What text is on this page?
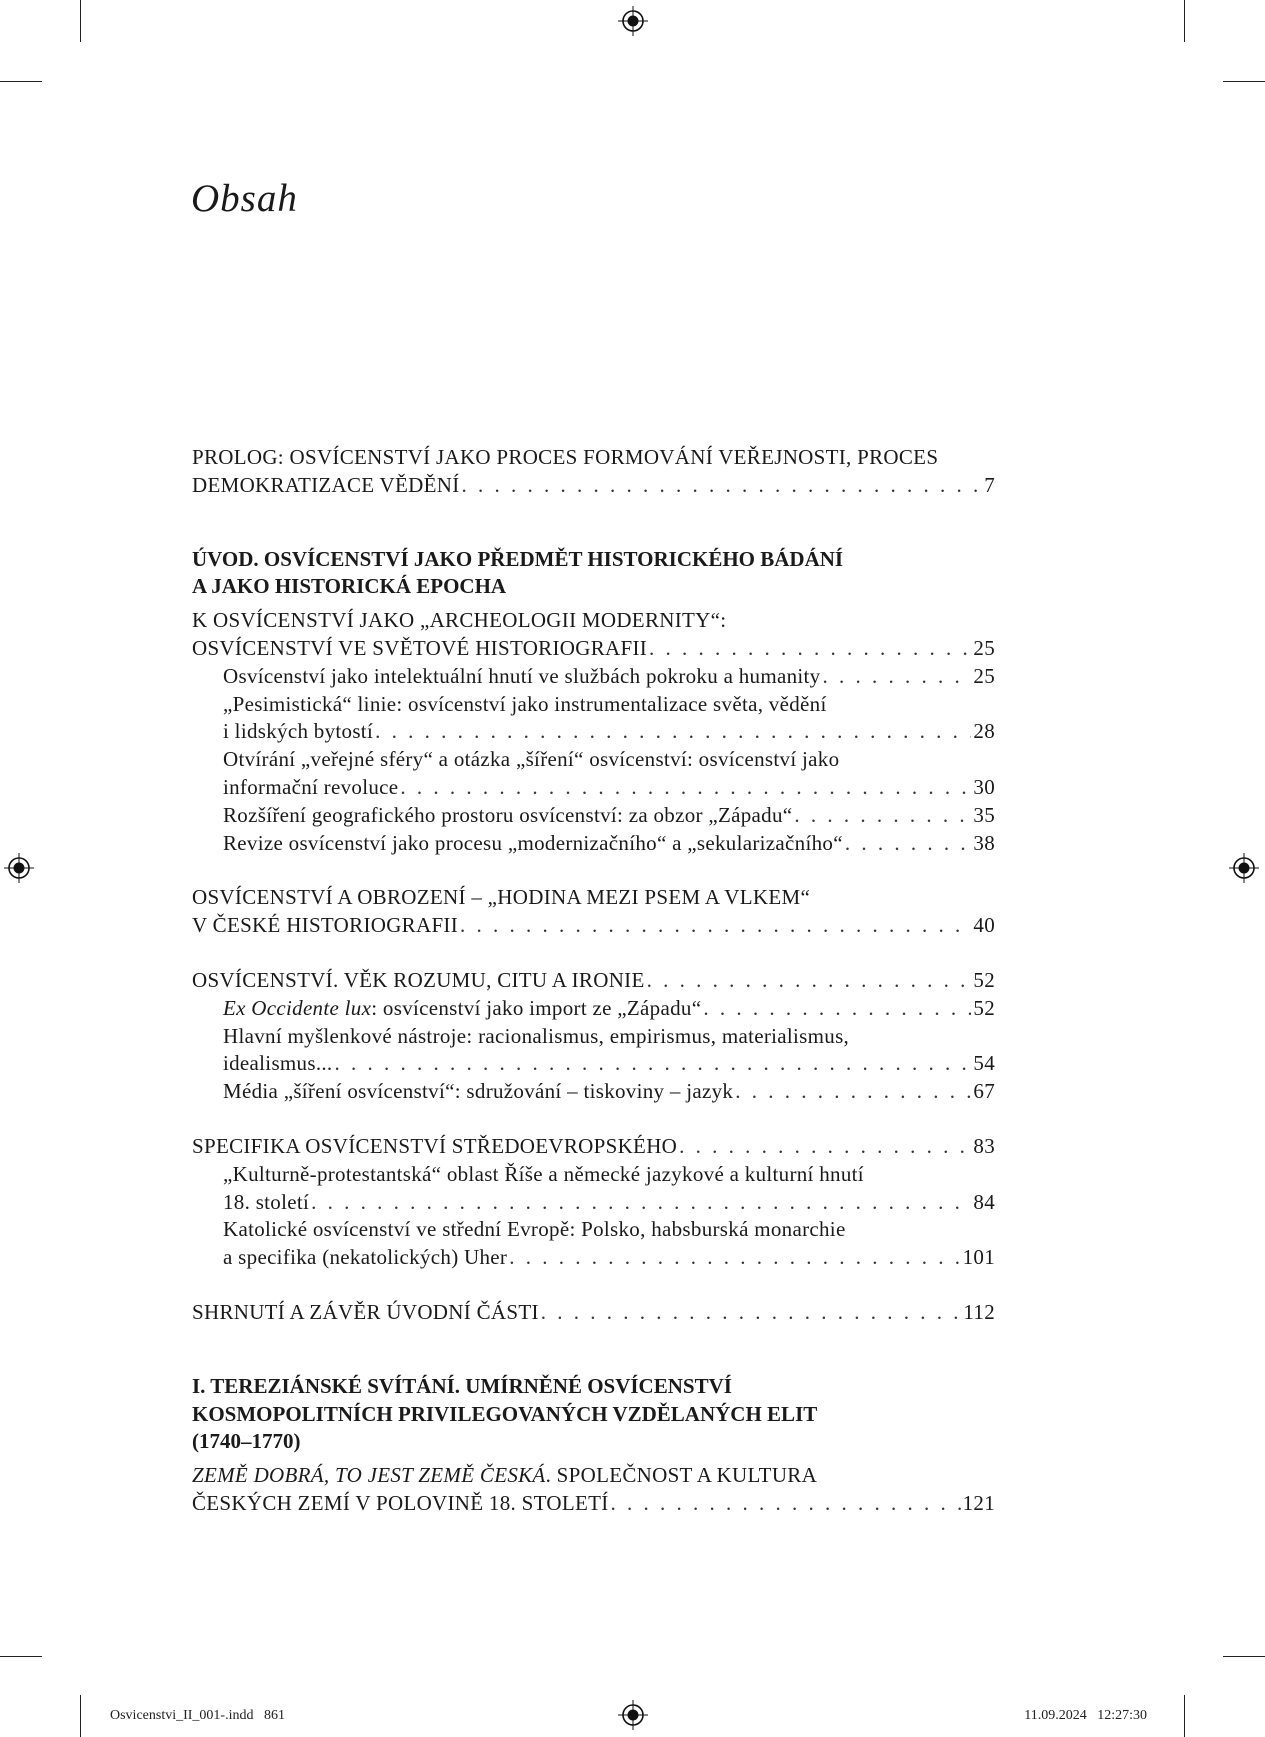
Obsah
PROLOG: OSVÍCENSTVÍ JAKO PROCES FORMOVÁNÍ VEŘEJNOSTI, PROCES
DEMOKRATIZACE VĚDĚNÍ . . .	7
ÚVOD. OSVÍCENSTVÍ JAKO PŘEDMĚT HISTORICKÉHO BÁDÁNÍ
A JAKO HISTORICKÁ EPOCHA
K OSVÍCENSTVÍ JAKO „ARCHEOLOGII MODERNITY“:
OSVÍCENSTVÍ VE SVĚTOVÉ HISTORIOGRAFII . . .	25
Osvícenství jako intelektuální hnutí ve službách pokroku a humanity . . .	25
„Pesimistická“ linie: osvícenství jako instrumentalizace světa, vědění
i lidských bytostí . . .	28
Otvírání „veřejné sféry“ a otázka „šíření“ osvícenství: osvícenství jako
informační revoluce . . .	30
Rozšíření geografického prostoru osvícenství: za obzor „Západu“ . . .	35
Revize osvícenství jako procesu „modernizačního“ a „sekularizačního“ . . .	38
OSVÍCENSTVÍ A OBROZENÍ – „HODINA MEZI PSEM A VLKEM“
V ČESKÉ HISTORIOGRAFII . . .	40
OSVÍCENSTVÍ. VĚK ROZUMU, CITU A IRONIE . . .	52
Ex Occidente lux: osvícenství jako import ze „Západu“ . . .	52
Hlavní myšlenkové nástroje: racionalismus, empirismus, materialismus,
idealismus... . . .	54
Média „šíření osvícenství“: sdružování – tiskoviny – jazyk . . .	67
SPECIFIKA OSVÍCENSTVÍ STŘEDOEVROPSKÉHO . . .	83
„Kulturně-protestantská“ oblast Říše a německé jazykové a kulturní hnutí
18. století . . .	84
Katolické osvícenství ve střední Evropě: Polsko, habsburská monarchie
a specifika (nekatolických) Uher . . .	101
SHRNUTÍ A ZÁVĚR ÚVODNÍ ČÁSTI . . .	112
I. TEREZIÁNSKÉ SVÍTÁNÍ. UMÍRNĚNÉ OSVÍCENSTVÍ
KOSMOPOLITNÍCH PRIVILEGOVANÝCH VZDĚLANÝCH ELIT
(1740–1770)
ZEMĚ DOBRÁ, TO JEST ZEMĚ ČESKÁ. SPOLEČNOST A KULTURA
ČESKÝCH ZEMÍ V POLOVINĚ 18. STOLETÍ . . .	121
Osvicenstvi_II_001-.indd   861	11.09.2024   12:27:30
